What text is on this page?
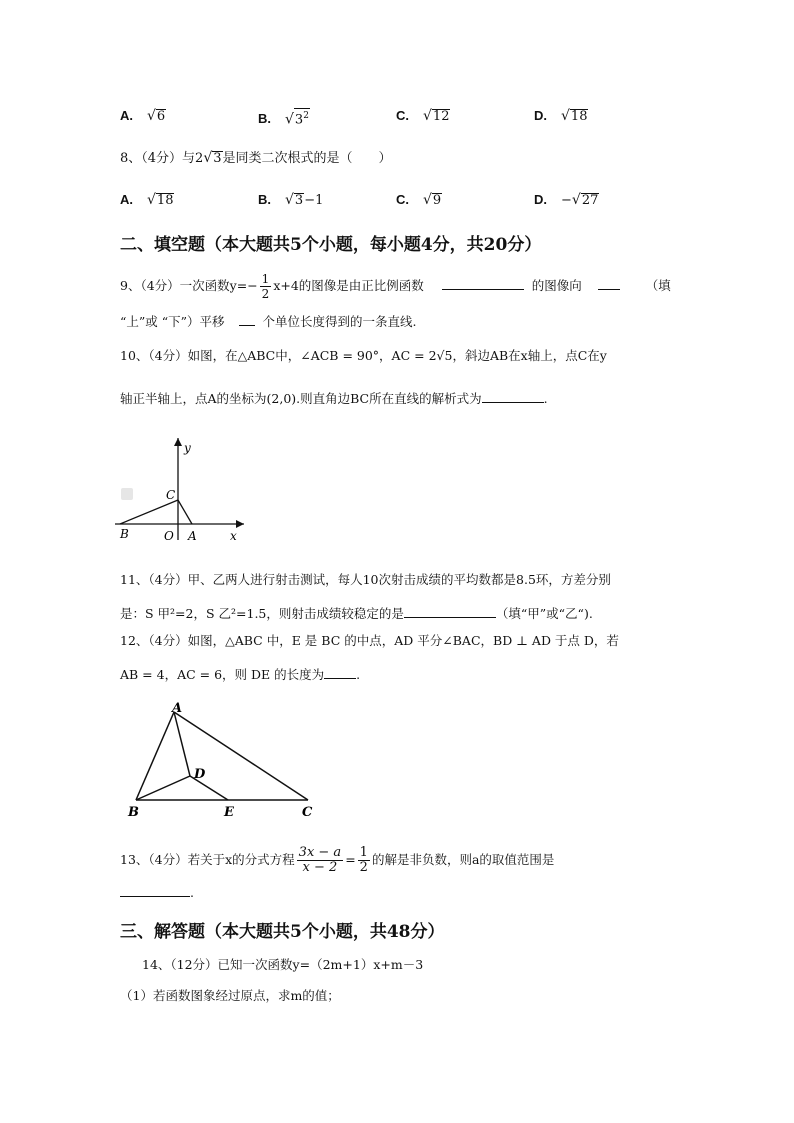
A. √6	B. $√3^2$	C. √12	D. √18
8、（4分）与2√3是同类二次根式的是（　　）
A. √18	B. √3−1	C. √9	D. −√27
二、填空题（本大题共5个小题，每小题4分，共20分）
9、（4分）一次函数$y=- \frac{1}{2} x+4$的图像是由正比例函数	的图像向	（填
“上”或 “下”）平移	个单位长度得到的一条直线.
10、（4分）如图，在△ABC中，∠ACB = 90°，AC = 2√5，斜边AB在x轴上，点C在y
轴正半轴上，点A的坐标为(2,0).则直角边BC所在直线的解析式为	.
y
C
B	O A	x
11、（4分）甲、乙两人进行射击测试，每人10次射击成绩的平均数都是8.5环，方差分别
是：S 甲²=2，S 乙²=1.5，则射击成绩较稳定的是	（填“甲”或“乙“).
12、（4分）如图，△ABC 中，E 是 BC 的中点，AD 平分∠BAC，BD ⊥ AD 于点 D，若
AB = 4，AC = 6，则 DE 的长度为	.
A
D
B	E	C
13、（4分）若关于x的分式方程 $\frac{3x - a}{x - 2} = \frac{1}{2}$ 的解是非负数，则a的取值范围是
.
三、解答题（本大题共5个小题，共48分）
14、（12分）已知一次函数y=（2m+1）x+m－3
（1）若函数图象经过原点，求m的值；
